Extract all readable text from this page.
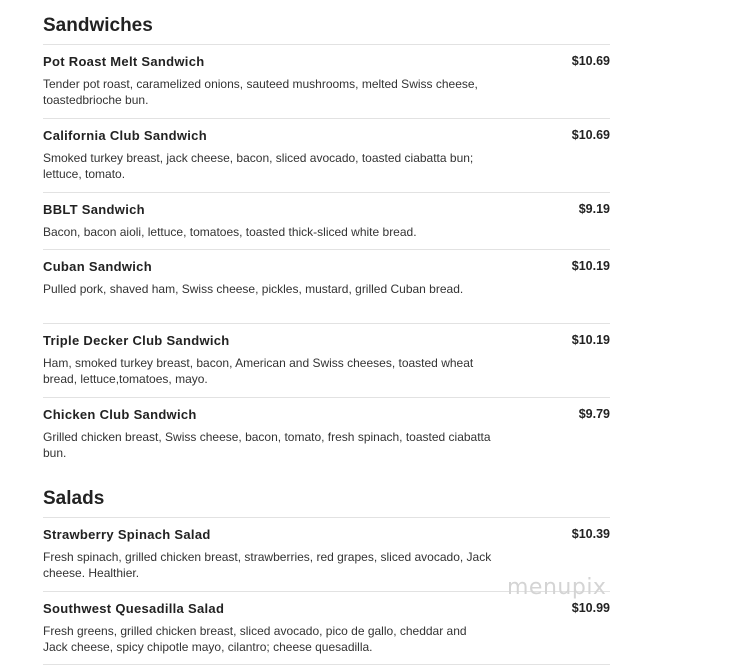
Sandwiches
Pot Roast Melt Sandwich	$10.69
Tender pot roast, caramelized onions, sauteed mushrooms, melted Swiss cheese, toastedbrioche bun.
California Club Sandwich	$10.69
Smoked turkey breast, jack cheese, bacon, sliced avocado, toasted ciabatta bun; lettuce, tomato.
BBLT Sandwich	$9.19
Bacon, bacon aioli, lettuce, tomatoes, toasted thick-sliced white bread.
Cuban Sandwich	$10.19
Pulled pork, shaved ham, Swiss cheese, pickles, mustard, grilled Cuban bread.
Triple Decker Club Sandwich	$10.19
Ham, smoked turkey breast, bacon, American and Swiss cheeses, toasted wheat bread, lettuce,tomatoes, mayo.
Chicken Club Sandwich	$9.79
Grilled chicken breast, Swiss cheese, bacon, tomato, fresh spinach, toasted ciabatta bun.
Salads
Strawberry Spinach Salad	$10.39
Fresh spinach, grilled chicken breast, strawberries, red grapes, sliced avocado, Jack cheese. Healthier.
Southwest Quesadilla Salad	$10.99
Fresh greens, grilled chicken breast, sliced avocado, pico de gallo, cheddar and Jack cheese, spicy chipotle mayo, cilantro; cheese quesadilla.
menupix
